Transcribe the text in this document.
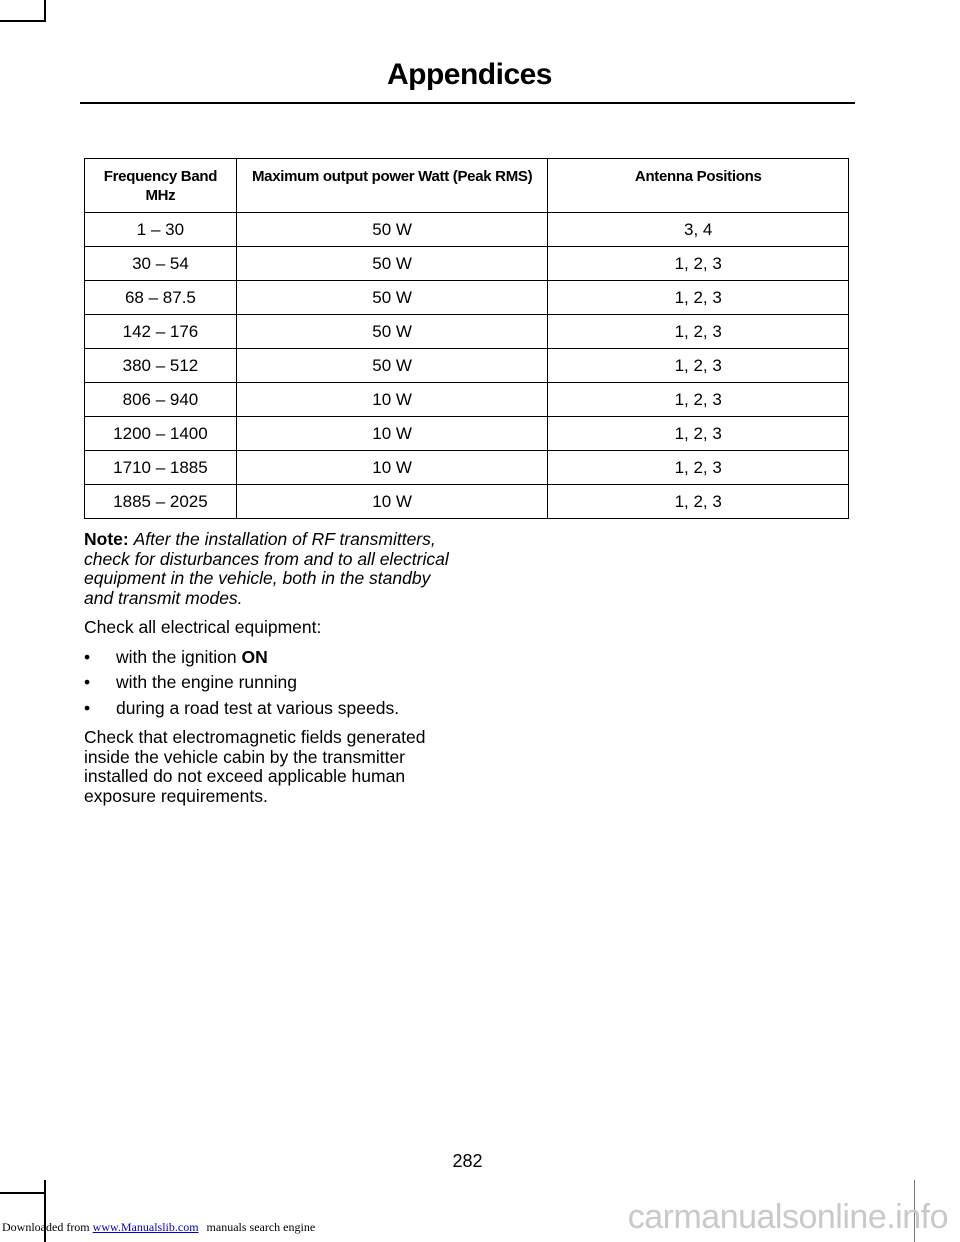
Appendices
Frequency Band MHz	Maximum output power Watt (Peak RMS)	Antenna Positions
1 – 30	50 W	3, 4
30 – 54	50 W	1, 2, 3
68 – 87.5	50 W	1, 2, 3
142 – 176	50 W	1, 2, 3
380 – 512	50 W	1, 2, 3
806 – 940	10 W	1, 2, 3
1200 – 1400	10 W	1, 2, 3
1710 – 1885	10 W	1, 2, 3
1885 – 2025	10 W	1, 2, 3

Note: After the installation of RF transmitters, check for disturbances from and to all electrical equipment in the vehicle, both in the standby and transmit modes.

Check all electrical equipment:

• with the ignition ON
• with the engine running
• during a road test at various speeds.

Check that electromagnetic fields generated inside the vehicle cabin by the transmitter installed do not exceed applicable human exposure requirements.

282
Downloaded from www.Manualslib.com manuals search engine	carmanualsonline.info
